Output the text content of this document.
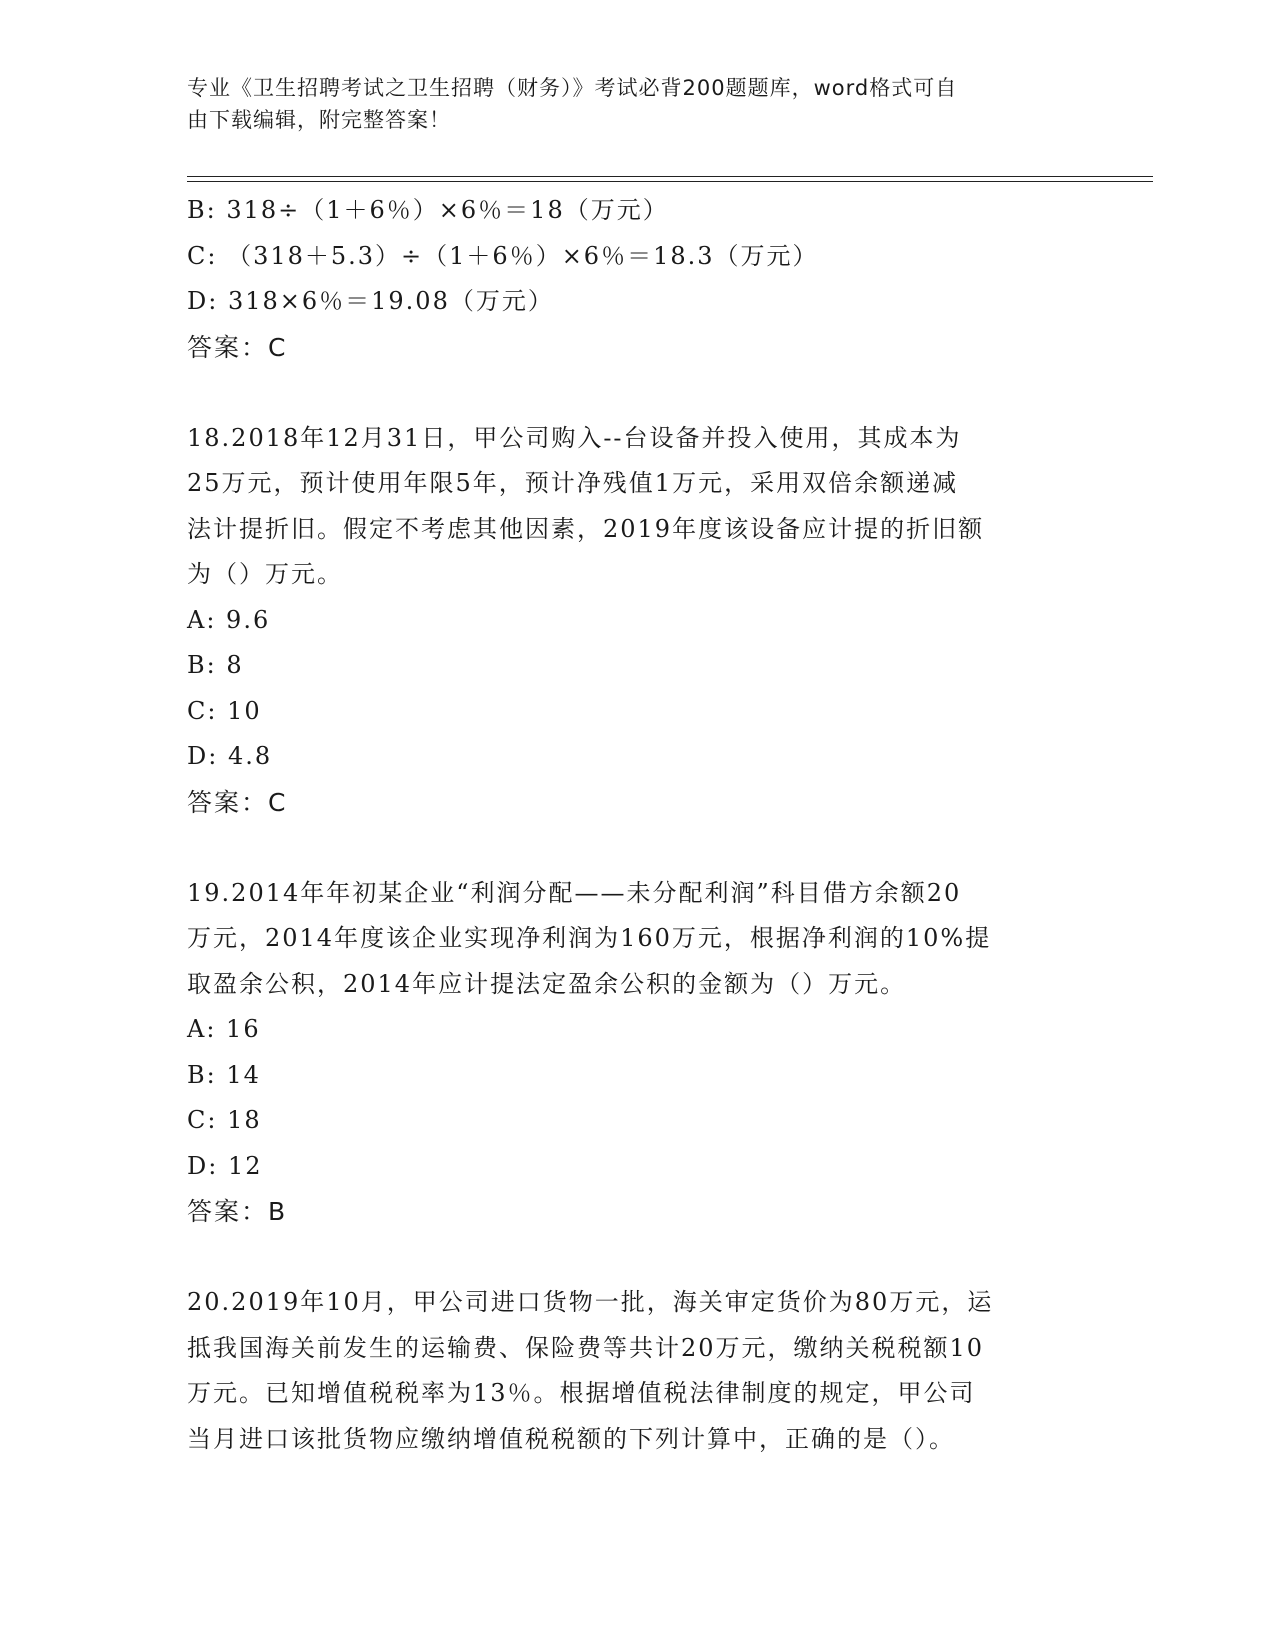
专业《卫生招聘考试之卫生招聘（财务）》考试必背200题题库，word格式可自
由下载编辑，附完整答案！
B: 318÷（1＋6％）×6％＝18（万元）
C: （318＋5.3）÷（1＋6％）×6％＝18.3（万元）
D: 318×6％＝19.08（万元）
答案：C
18.2018年12月31日，甲公司购入--台设备并投入使用，其成本为
25万元，预计使用年限5年，预计净残值1万元，采用双倍余额递减
法计提折旧。假定不考虑其他因素，2019年度该设备应计提的折旧额
为（）万元。
A: 9.6
B: 8
C: 10
D: 4.8
答案：C
19.2014年年初某企业“利润分配——未分配利润”科目借方余额20
万元，2014年度该企业实现净利润为160万元，根据净利润的10%提
取盈余公积，2014年应计提法定盈余公积的金额为（）万元。
A: 16
B: 14
C: 18
D: 12
答案：B
20.2019年10月，甲公司进口货物一批，海关审定货价为80万元，运
抵我国海关前发生的运输费、保险费等共计20万元，缴纳关税税额10
万元。已知增值税税率为13％。根据增值税法律制度的规定，甲公司
当月进口该批货物应缴纳增值税税额的下列计算中，正确的是（）。
